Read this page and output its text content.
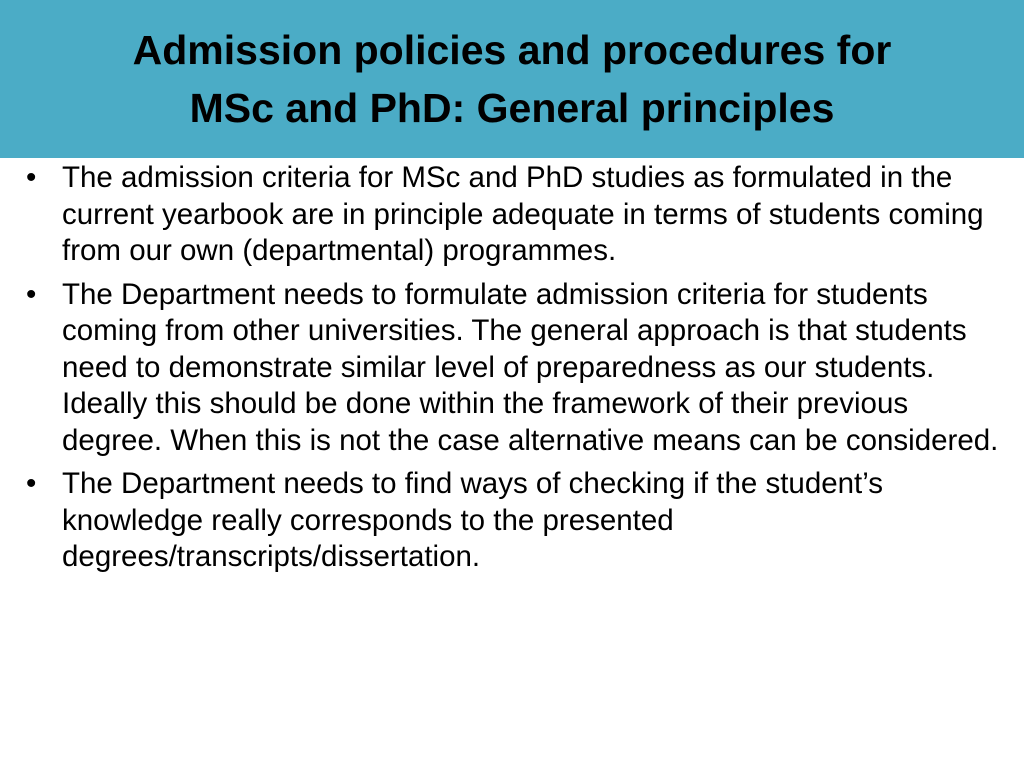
Admission policies and procedures for
MSc and PhD: General principles
• The admission criteria for MSc and PhD studies as formulated in the current yearbook are in principle adequate in terms of students coming from our own (departmental) programmes.
• The Department needs to formulate admission criteria for students coming from other universities. The general approach is that students need to demonstrate similar level of preparedness as our students. Ideally this should be done within the framework of their previous degree. When this is not the case alternative means can be considered.
• The Department needs to find ways of checking if the student’s knowledge really corresponds to the presented degrees/transcripts/dissertation.
